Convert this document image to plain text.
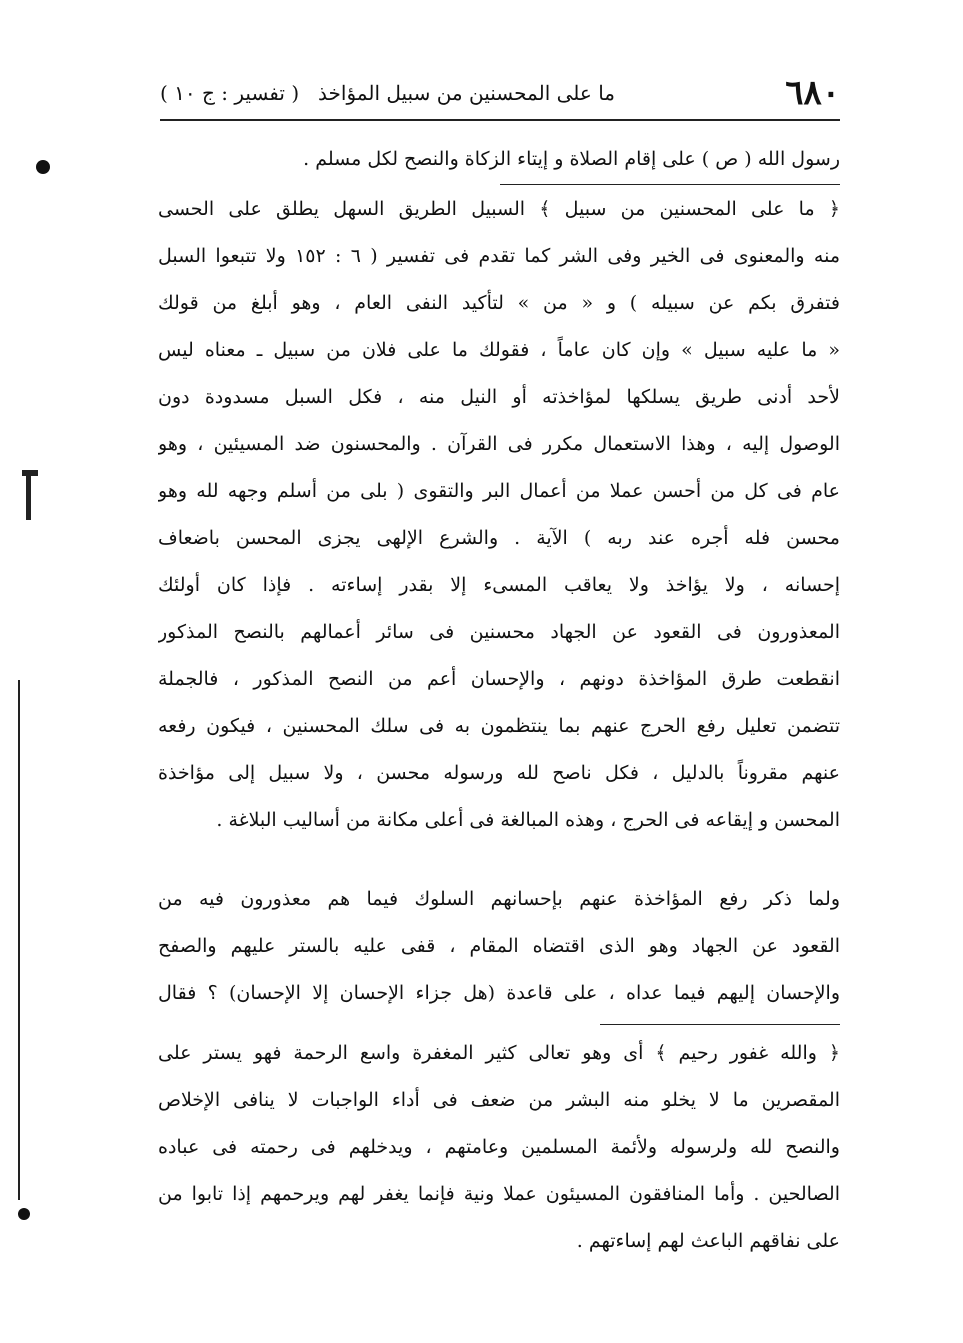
٦٨٠
ما على المحسنين من سبيل المؤاخذ
( تفسير : ج ١٠ )
رسول الله ( ص ) على إقام الصلاة و إيتاء الزكاة والنصح لكل مسلم .
﴿ ما على المحسنين من سبيل ﴾ السبيل الطريق السهل يطلق على الحسى
منه والمعنوى فى الخير وفى الشر كما تقدم فى تفسير ( ٦ : ١٥٢ ولا تتبعوا السبل
فتفرق بكم عن سبيله ) و « من » لتأكيد النفى العام ، وهو أبلغ من قولك
« ما عليه سبيل » وإن كان عاماً ، فقولك ما على فلان من سبيل ـ معناه ليس
لأحد أدنى طريق يسلكها لمؤاخذته أو النيل منه ، فكل السبل مسدودة دون
الوصول إليه ، وهذا الاستعمال مكرر فى القرآن . والمحسنون ضد المسيئين ، وهو
عام فى كل من أحسن عملا من أعمال البر والتقوى ( بلى من أسلم وجهه لله وهو
محسن فله أجره عند ربه ) الآية . والشرع الإلهى يجزى المحسن باضعاف
إحسانه ، ولا يؤاخذ ولا يعاقب المسىء إلا بقدر إساءته . فإذا كان أولئك
المعذورون فى القعود عن الجهاد محسنين فى سائر أعمالهم بالنصح المذكور
انقطعت طرق المؤاخذة دونهم ، والإحسان أعم من النصح المذكور ، فالجملة
تتضمن تعليل رفع الحرج عنهم بما ينتظمون به فى سلك المحسنين ، فيكون رفعه
عنهم مقروناً بالدليل ، فكل ناصح لله ورسوله محسن ، ولا سبيل إلى مؤاخذة
المحسن و إيقاعه فى الحرج ، وهذه المبالغة فى أعلى مكانة من أساليب البلاغة .
ولما ذكر رفع المؤاخذة عنهم بإحسانهم السلوك فيما هم معذورون فيه من
القعود عن الجهاد وهو الذى اقتضاه المقام ، قفى عليه بالستر عليهم والصفح
والإحسان إليهم فيما عداه ، على قاعدة (هل جزاء الإحسان إلا الإحسان) ؟ فقال
﴿ والله غفور رحيم ﴾ أى وهو تعالى كثير المغفرة واسع الرحمة فهو يستر على
المقصرين ما لا يخلو منه البشر من ضعف فى أداء الواجبات لا ينافى الإخلاص
والنصح لله ولرسوله ولأئمة المسلمين وعامتهم ، ويدخلهم فى رحمته فى عباده
الصالحين . وأما المنافقون المسيئون عملا ونية فإنما يغفر لهم ويرحمهم إذا تابوا من
على نفاقهم الباعث لهم إساءتهم .
